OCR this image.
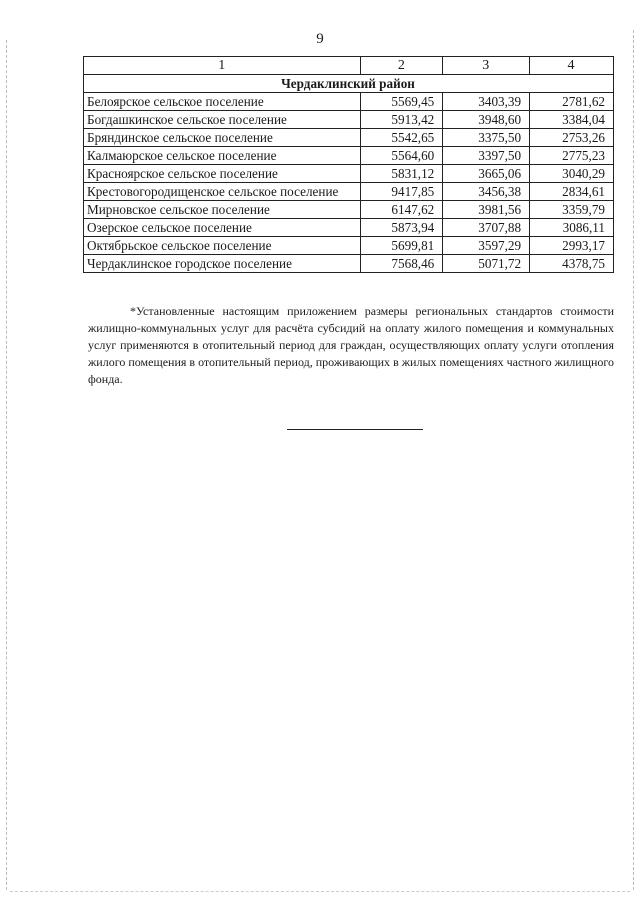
9
1	2	3	4
Чердаклинский район			
Белоярское сельское поселение	5569,45	3403,39	2781,62
Богдашкинское сельское поселение	5913,42	3948,60	3384,04
Бряндинское сельское поселение	5542,65	3375,50	2753,26
Калмаюрское сельское поселение	5564,60	3397,50	2775,23
Красноярское сельское поселение	5831,12	3665,06	3040,29
Крестовогородищенское сельское поселение	9417,85	3456,38	2834,61
Мирновское сельское поселение	6147,62	3981,56	3359,79
Озерское сельское поселение	5873,94	3707,88	3086,11
Октябрьское сельское поселение	5699,81	3597,29	2993,17
Чердаклинское городское поселение	7568,46	5071,72	4378,75

*Установленные настоящим приложением размеры региональных стандартов стоимости жилищно-коммунальных услуг для расчёта субсидий на оплату жилого помещения и коммунальных услуг применяются в отопительный период для граждан, осуществляющих оплату услуги отопления жилого помещения в отопительный период, проживающих в жилых помещениях частного жилищного фонда.
